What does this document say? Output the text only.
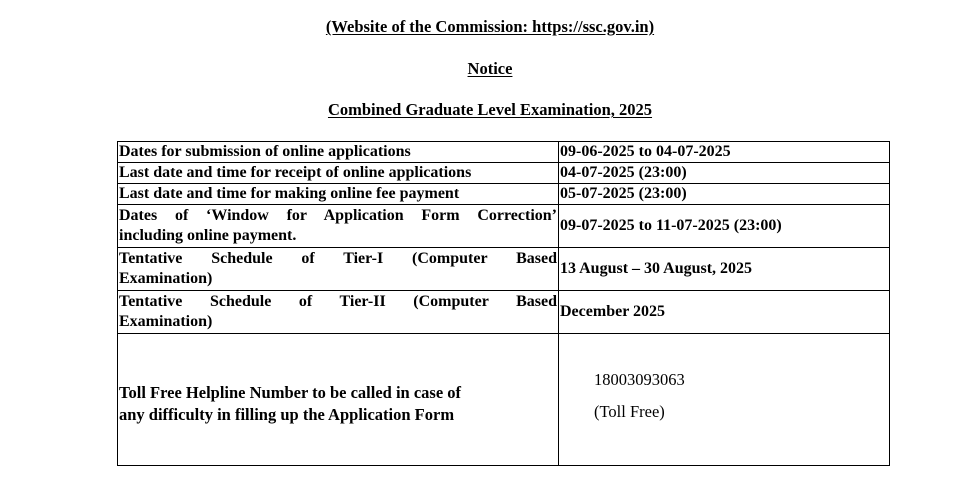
(Website of the Commission: https://ssc.gov.in)
Notice
Combined Graduate Level Examination, 2025
Dates for submission of online applications	09-06-2025 to 04-07-2025
Last date and time for receipt of online applications	04-07-2025 (23:00)
Last date and time for making online fee payment	05-07-2025 (23:00)

Dates of ‘Window for Application Form Correction’
including online payment.	09-07-2025 to 11-07-2025 (23:00)

Tentative Schedule of Tier-I (Computer Based
Examination)	13 August – 30 August, 2025

Tentative Schedule of Tier-II (Computer Based
Examination)	December 2025

Toll Free Helpline Number to be called in case of
any difficulty in filling up the Application Form	18003093063
(Toll Free)
